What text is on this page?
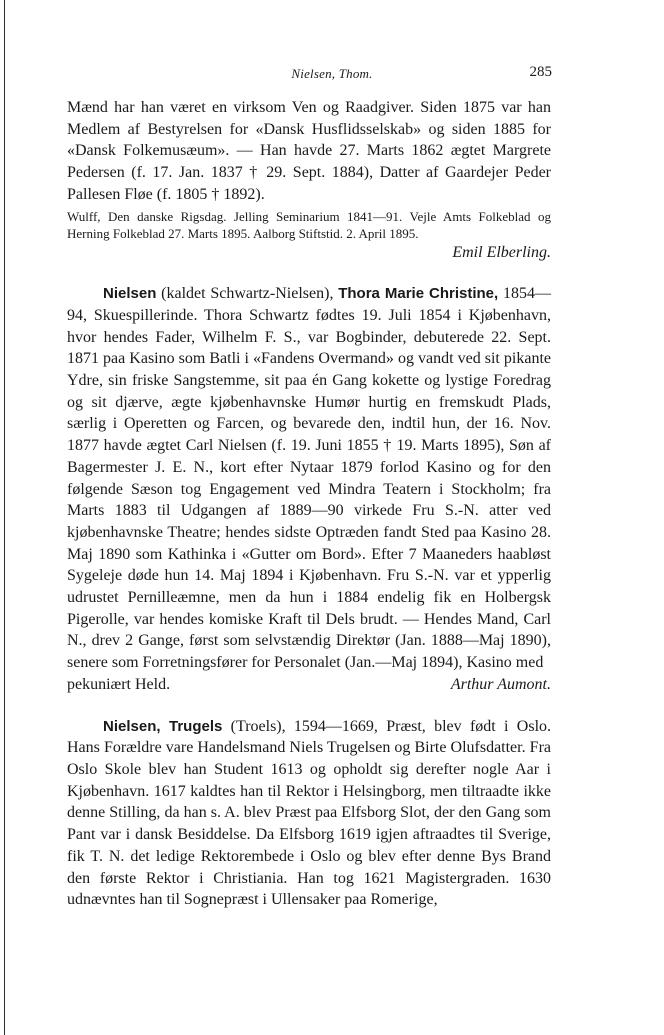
Nielsen, Thom.	285

Mænd har han været en virksom Ven og Raadgiver. Siden 1875 var han Medlem af Bestyrelsen for «Dansk Husflidsselskab» og siden 1885 for «Dansk Folkemusæum». — Han havde 27. Marts 1862 ægtet Margrete Pedersen (f. 17. Jan. 1837 † 29. Sept. 1884), Datter af Gaardejer Peder Pallesen Fløe (f. 1805 † 1892).

Wulff, Den danske Rigsdag. Jelling Seminarium 1841—91. Vejle Amts Folkeblad og Herning Folkeblad 27. Marts 1895. Aalborg Stiftstid. 2. April 1895.

Emil Elberling.

Nielsen (kaldet Schwartz-Nielsen), Thora Marie Christine, 1854—94, Skuespillerinde. Thora Schwartz fødtes 19. Juli 1854 i Kjøbenhavn, hvor hendes Fader, Wilhelm F. S., var Bogbinder, debuterede 22. Sept. 1871 paa Kasino som Batli i «Fandens Overmand» og vandt ved sit pikante Ydre, sin friske Sangstemme, sit paa én Gang kokette og lystige Foredrag og sit djærve, ægte kjøbenhavnske Humør hurtig en fremskudt Plads, særlig i Operetten og Farcen, og bevarede den, indtil hun, der 16. Nov. 1877 havde ægtet Carl Nielsen (f. 19. Juni 1855 † 19. Marts 1895), Søn af Bagermester J. E. N., kort efter Nytaar 1879 forlod Kasino og for den følgende Sæson tog Engagement ved Mindra Teatern i Stockholm; fra Marts 1883 til Udgangen af 1889—90 virkede Fru S.-N. atter ved kjøbenhavnske Theatre; hendes sidste Optræden fandt Sted paa Kasino 28. Maj 1890 som Kathinka i «Gutter om Bord». Efter 7 Maaneders haabløst Sygeleje døde hun 14. Maj 1894 i Kjøbenhavn. Fru S.-N. var et ypperlig udrustet Pernilleæmne, men da hun i 1884 endelig fik en Holbergsk Pigerolle, var hendes komiske Kraft til Dels brudt. — Hendes Mand, Carl N., drev 2 Gange, først som selvstændig Direktør (Jan. 1888—Maj 1890), senere som Forretningsfører for Personalet (Jan.—Maj 1894), Kasino med

pekuniært Held.	Arthur Aumont.

Nielsen, Trugels (Troels), 1594—1669, Præst, blev født i Oslo. Hans Forældre vare Handelsmand Niels Trugelsen og Birte Olufsdatter. Fra Oslo Skole blev han Student 1613 og opholdt sig derefter nogle Aar i Kjøbenhavn. 1617 kaldtes han til Rektor i Helsingborg, men tiltraadte ikke denne Stilling, da han s. A. blev Præst paa Elfsborg Slot, der den Gang som Pant var i dansk Besiddelse. Da Elfsborg 1619 igjen aftraadtes til Sverige, fik T. N. det ledige Rektorembede i Oslo og blev efter denne Bys Brand den første Rektor i Christiania. Han tog 1621 Magistergraden. 1630 udnævntes han til Sognepræst i Ullensaker paa Romerige,
